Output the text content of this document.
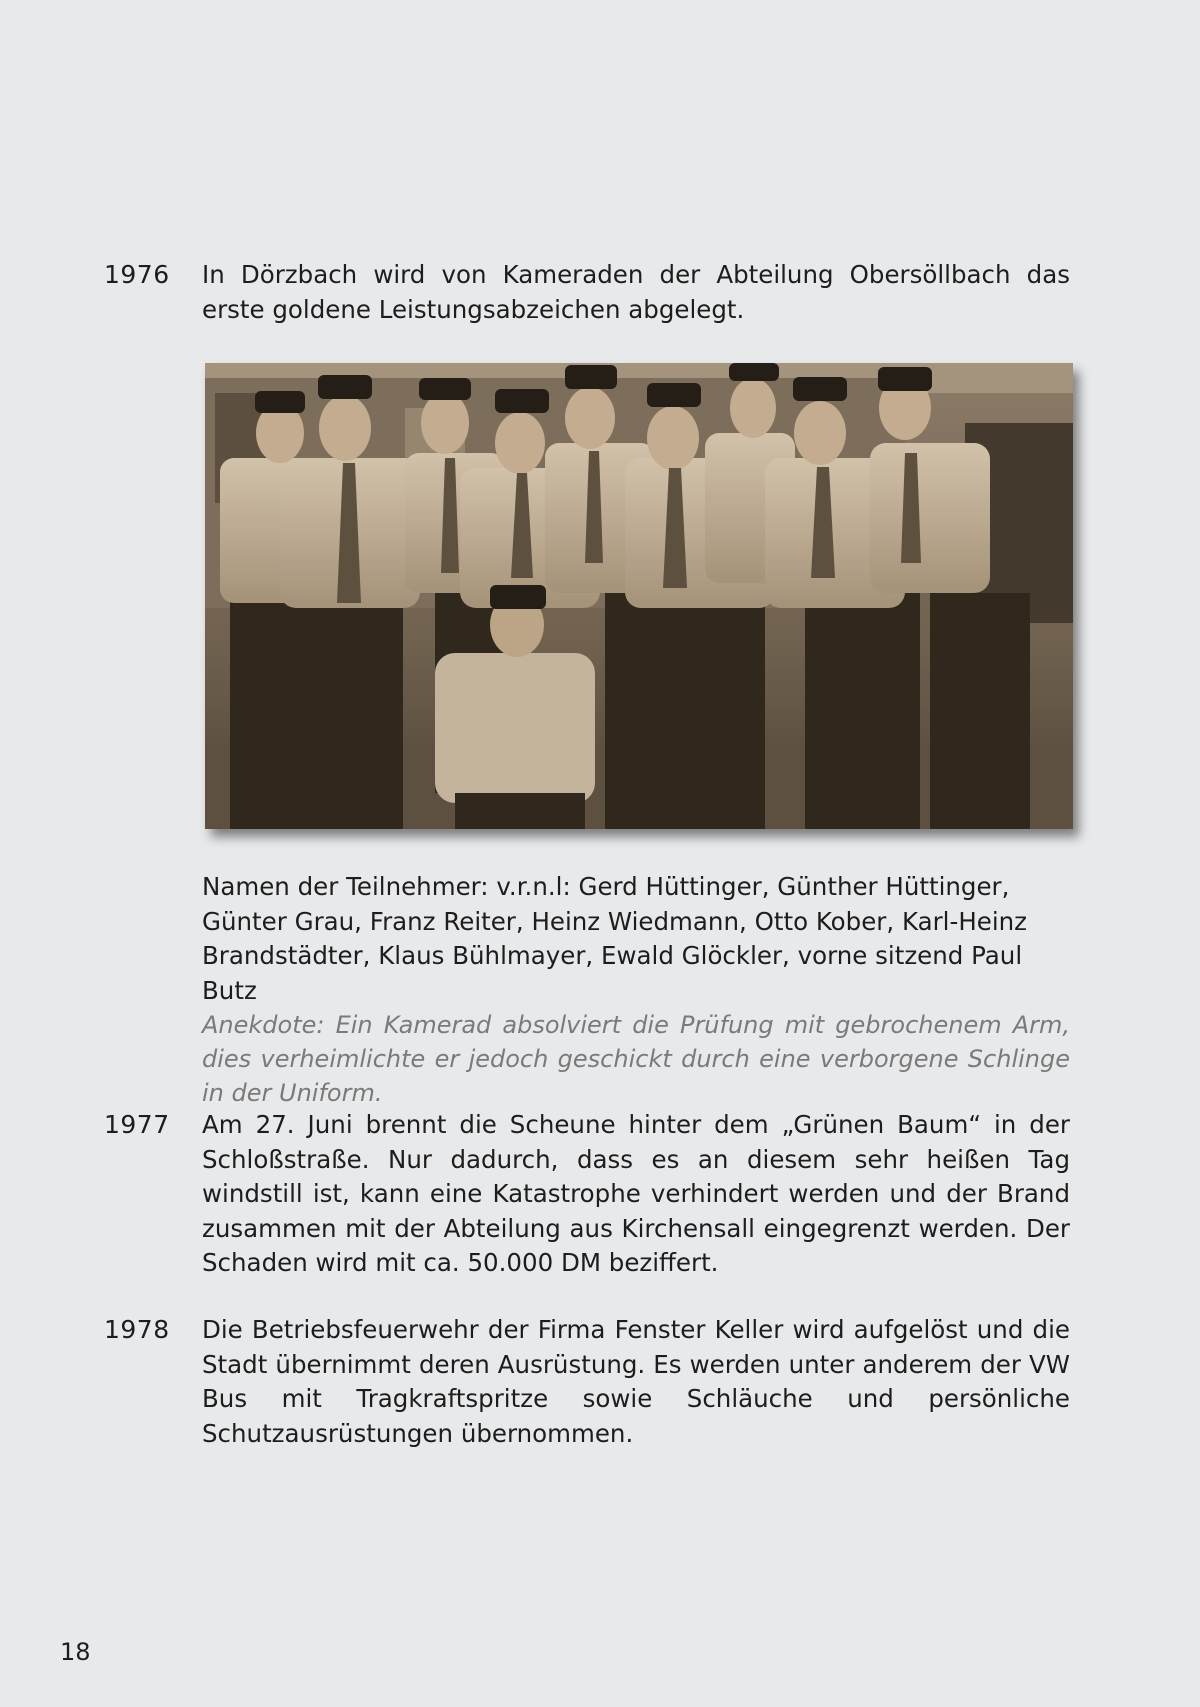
1976 In Dörzbach wird von Kameraden der Abteilung Obersöllbach das erste goldene Leistungsabzeichen abgelegt.
Namen der Teilnehmer: v.r.n.l: Gerd Hüttinger, Günther Hüttinger, Günter Grau, Franz Reiter, Heinz Wiedmann, Otto Kober, Karl-Heinz Brandstädter, Klaus Bühlmayer, Ewald Glöckler, vorne sitzend Paul Butz
Anekdote: Ein Kamerad absolviert die Prüfung mit gebrochenem Arm, dies verheimlichte er jedoch geschickt durch eine verborgene Schlinge in der Uniform.
1977 Am 27. Juni brennt die Scheune hinter dem „Grünen Baum“ in der Schloßstraße. Nur dadurch, dass es an diesem sehr heißen Tag windstill ist, kann eine Katastrophe verhindert werden und der Brand zusammen mit der Abteilung aus Kirchensall eingegrenzt werden. Der Schaden wird mit ca. 50.000 DM beziffert.
1978 Die Betriebsfeuerwehr der Firma Fenster Keller wird aufgelöst und die Stadt übernimmt deren Ausrüstung. Es werden unter anderem der VW Bus mit Tragkraftspritze sowie Schläuche und persönliche Schutzausrüstungen übernommen.
18
